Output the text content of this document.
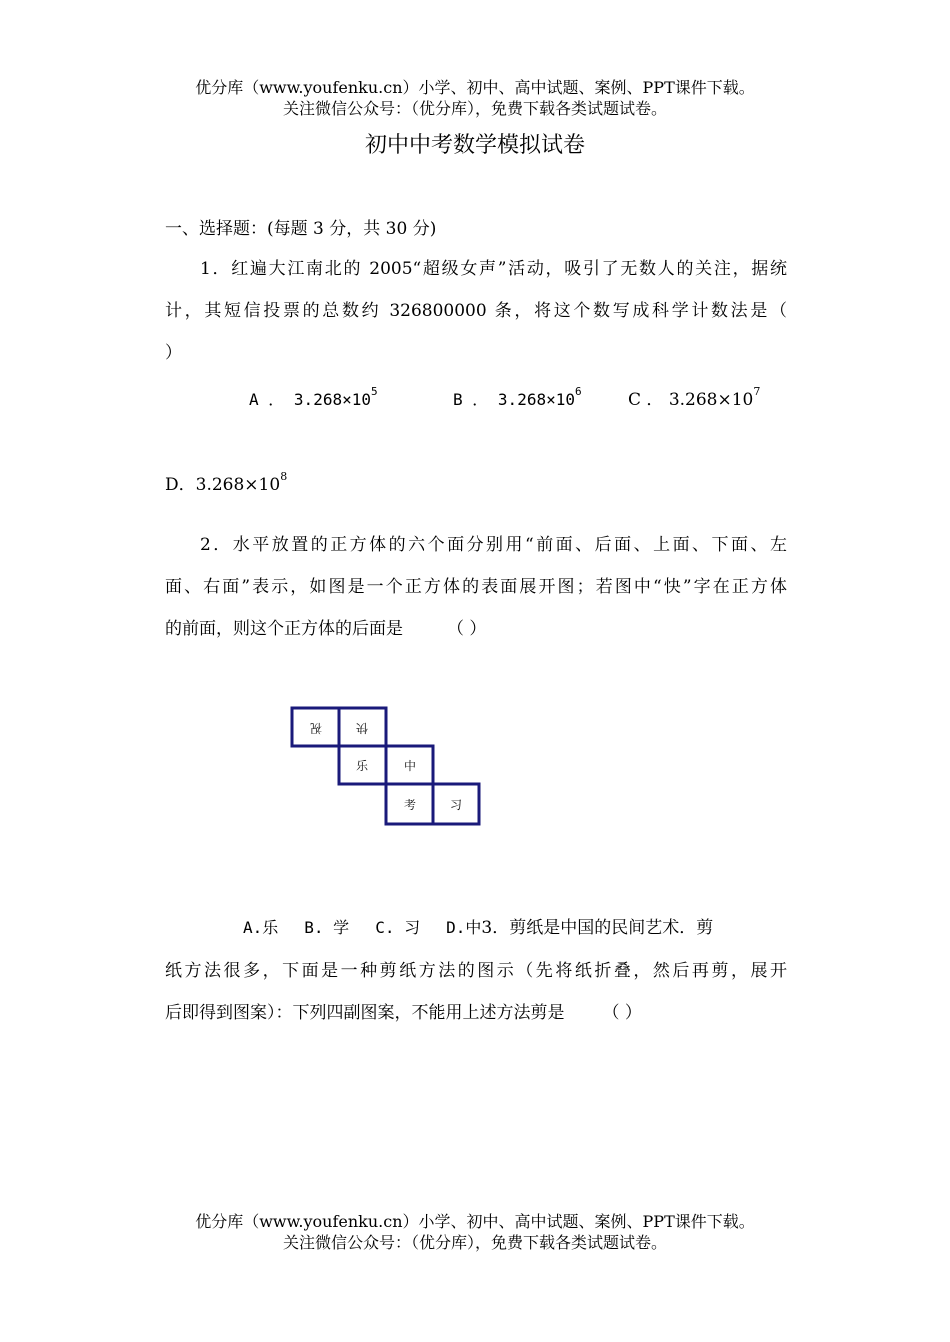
优分库（www.youfenku.cn）小学、初中、高中试题、案例、PPT课件下载。
关注微信公众号：（优分库），免费下载各类试题试卷。
初中中考数学模拟试卷
一、选择题：(每题 3 分，共 30 分)
1．红遍大江南北的 2005“超级女声”活动，吸引了无数人的关注，据统
计，其短信投票的总数约 326800000 条，将这个数写成科学计数法是（
）
A ． $3.268\times 10^5$	B ． $3.268\times 10^6$	C ． $3.268\times 10^7$
D．$3.268\times 10^8$
2．水平放置的正方体的六个面分别用“前面、后面、上面、下面、左
面、右面”表示，如图是一个正方体的表面展开图；若图中“快”字在正方体
的前面，则这个正方体的后面是	（ ）
祝	快
乐	中
考	习
A.乐 B. 学 C. 习 D.中3．剪纸是中国的民间艺术．剪
纸方法很多，下面是一种剪纸方法的图示（先将纸折叠，然后再剪，展开
后即得到图案）：下列四副图案，不能用上述方法剪是 （ ）
优分库（www.youfenku.cn）小学、初中、高中试题、案例、PPT课件下载。
关注微信公众号：（优分库），免费下载各类试题试卷。
